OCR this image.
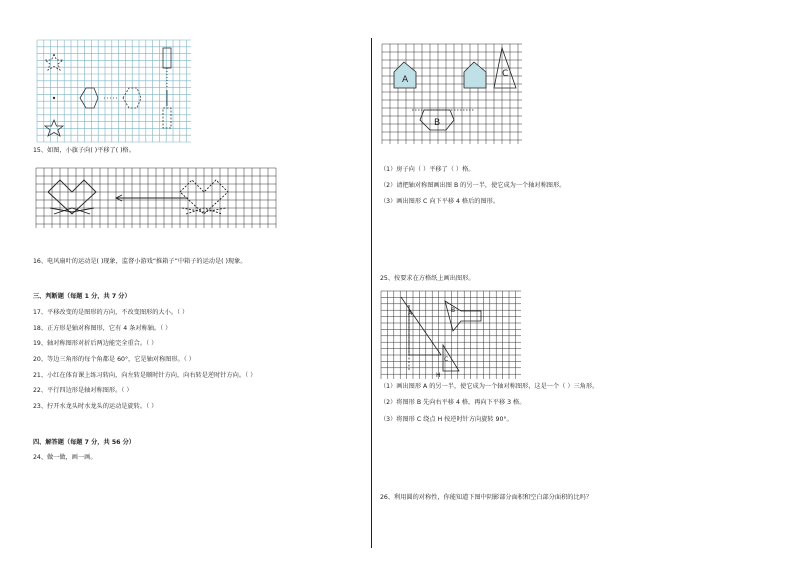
15、如图，小旗子向( )平移了( )格。
16、电风扇叶的运动是( )现象，监督小游戏“推箱子”中箱子的运动是( )现象。
三、判断题（每题 1 分，共 7 分）
17、平移改变的是图形的方向，不改变图形的大小。（ ）
18、正方形是轴对称图形，它有 4 条对称轴。（ ）
19、轴对称图形对折后两边能完全重合。（ ）
20、等边三角形的每个角都是 60°，它是轴对称图形。（ ）
21、小红在体育课上练习转向，向左转是顺时针方向，向右转是逆时针方向。（ ）
22、平行四边形是轴对称图形。（ ）
23、拧开水龙头时水龙头的运动是旋转。（ ）
四、解答题（每题 7 分，共 56 分）
24、做一做，画一画。
A
B
C
（1）房子向（ ）平移了（ ）格。
（2）请把轴对称图画出图 B 的另一半，使它成为一个轴对称图形。
（3）画出图形 C 向下平移 4 格后的图形。
25、按要求在方格纸上画出图形。
A	B
C
H
（1）画出图形 A 的另一半，使它成为一个轴对称图形，这是一个（ ）三角形。
（2）将图形 B 先向右平移 4 格，再向下平移 3 格。
（3）将图形 C 绕点 H 按逆时针方向旋转 90°。
26、利用圆的对称性，你能知道下图中阴影部分面积和空白部分面积的比吗？
